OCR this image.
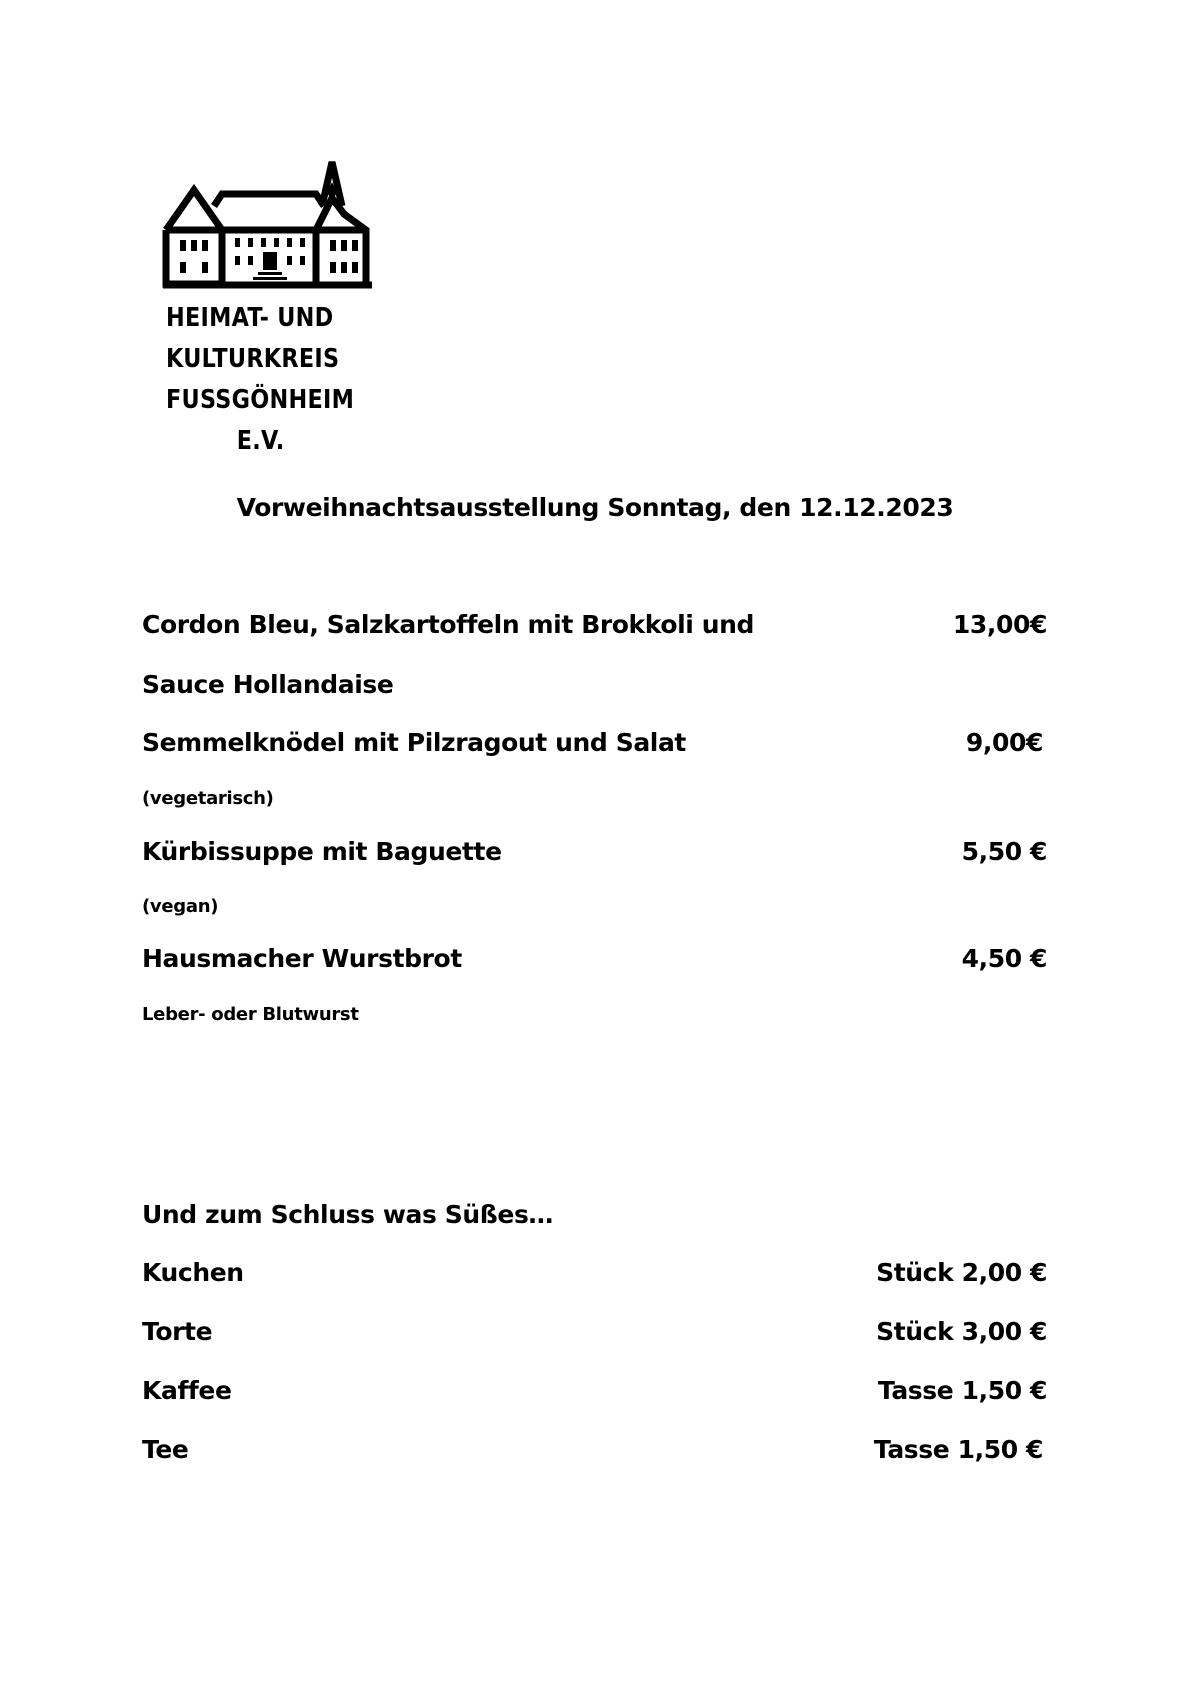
HEIMAT- UND
KULTURKREIS
FUSSGÖNHEIM
E.V.
Vorweihnachtsausstellung Sonntag, den 12.12.2023
Cordon Bleu, Salzkartoffeln mit Brokkoli und	13,00€
Sauce Hollandaise
Semmelknödel mit Pilzragout und Salat	9,00€
(vegetarisch)
Kürbissuppe mit Baguette	5,50 €
(vegan)
Hausmacher Wurstbrot	4,50 €
Leber- oder Blutwurst
Und zum Schluss was Süßes…
Kuchen	Stück 2,00 €
Torte	Stück 3,00 €
Kaffee	Tasse 1,50 €
Tee	Tasse 1,50 €
